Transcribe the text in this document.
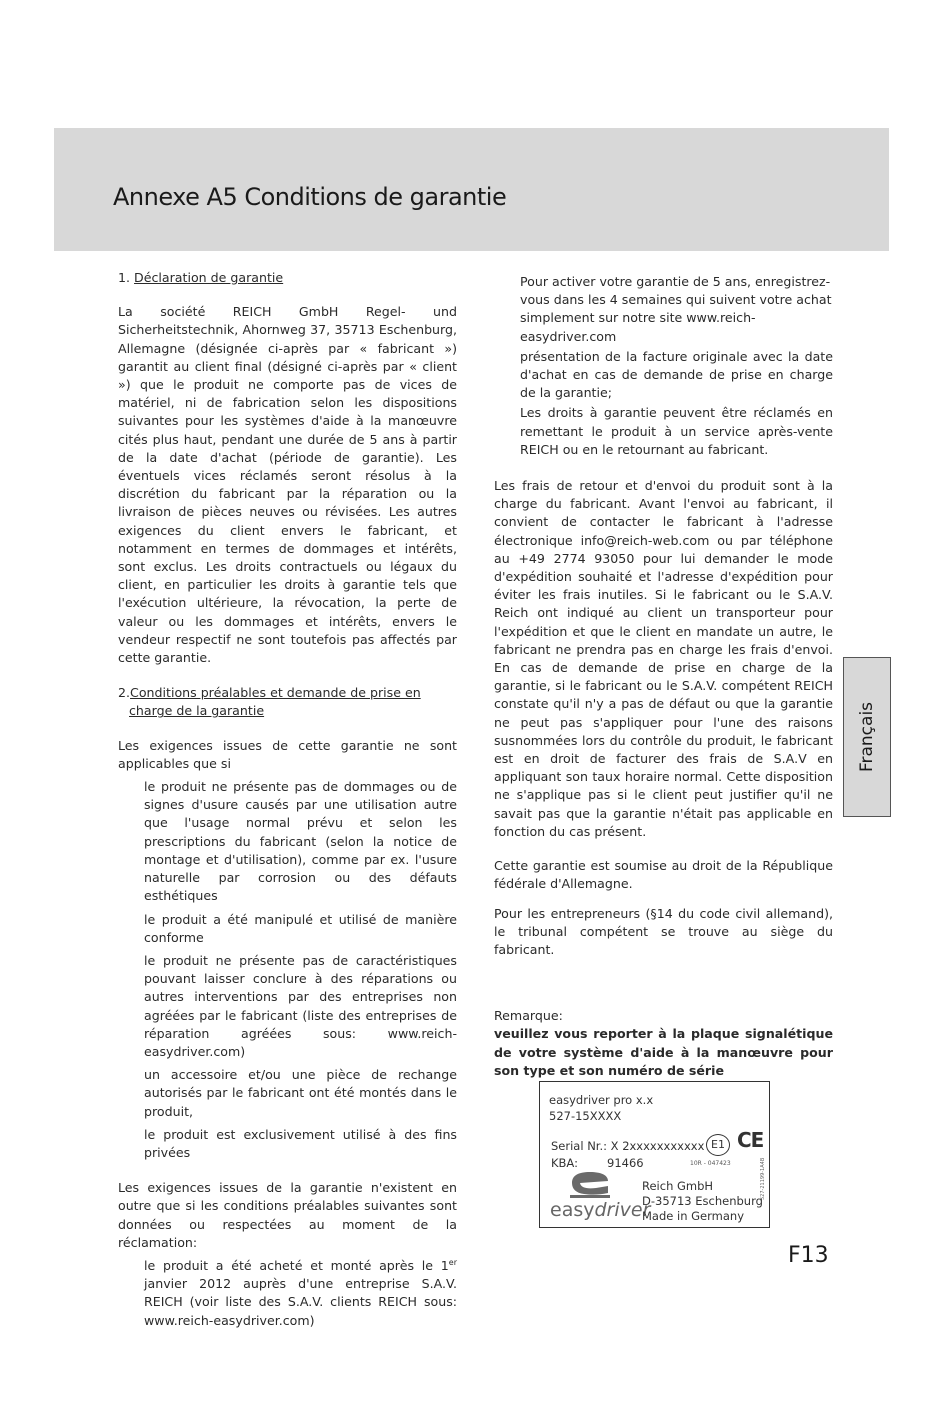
Annexe A5 Conditions de garantie

1. Déclaration de garantie

La société REICH GmbH Regel- und Sicherheitstechnik, Ahornweg 37, 35713 Eschenburg, Allemagne (désignée ci-après par « fabricant ») garantit au client final (désigné ci-après par « client ») que le produit ne comporte pas de vices de matériel, ni de fabrication selon les dispositions suivantes pour les systèmes d'aide à la manœuvre cités plus haut, pendant une durée de 5 ans à partir de la date d'achat (période de garantie). Les éventuels vices réclamés seront résolus à la discrétion du fabricant par la réparation ou la livraison de pièces neuves ou révisées. Les autres exigences du client envers le fabricant, et notamment en termes de dommages et intérêts, sont exclus. Les droits contractuels ou légaux du client, en particulier les droits à garantie tels que l'exécution ultérieure, la révocation, la perte de valeur ou les dommages et intérêts, envers le vendeur respectif ne sont toutefois pas affectés par cette garantie.

2.Conditions préalables et demande de prise en charge de la garantie

Les exigences issues de cette garantie ne sont applicables que si

le produit ne présente pas de dommages ou de signes d'usure causés par une utilisation autre que l'usage normal prévu et selon les prescriptions du fabricant (selon la notice de montage et d'utilisation), comme par ex. l'usure naturelle par corrosion ou des défauts esthétiques

le produit a été manipulé et utilisé de manière conforme

le produit ne présente pas de caractéristiques pouvant laisser conclure à des réparations ou autres interventions par des entreprises non agréées par le fabricant (liste des entreprises de réparation agréées sous: www.reich-easydriver.com)

un accessoire et/ou une pièce de rechange autorisés par le fabricant ont été montés dans le produit,

le produit est exclusivement utilisé à des fins privées

Les exigences issues de la garantie n'existent en outre que si les conditions préalables suivantes sont données ou respectées au moment de la réclamation:

le produit a été acheté et monté après le 1er janvier 2012 auprès d'une entreprise S.A.V. REICH (voir liste des S.A.V. clients REICH sous: www.reich-easydriver.com)

Pour activer votre garantie de 5 ans, enregistrez-vous dans les 4 semaines qui suivent votre achat simplement sur notre site www.reich-easydriver.com

présentation de la facture originale avec la date d'achat en cas de demande de prise en charge de la garantie;

Les droits à garantie peuvent être réclamés en remettant le produit à un service après-vente REICH ou en le retournant au fabricant.

Les frais de retour et d'envoi du produit sont à la charge du fabricant. Avant l'envoi au fabricant, il convient de contacter le fabricant à l'adresse électronique info@reich-web.com ou par téléphone au +49 2774 93050 pour lui demander le mode d'expédition souhaité et l'adresse d'expédition pour éviter les frais inutiles. Si le fabricant ou le S.A.V. Reich ont indiqué au client un transporteur pour l'expédition et que le client en mandate un autre, le fabricant ne prendra pas en charge les frais d'envoi. En cas de demande de prise en charge de la garantie, si le fabricant ou le S.A.V. compétent REICH constate qu'il n'y a pas de défaut ou que la garantie ne peut pas s'appliquer pour l'une des raisons susnommées lors du contrôle du produit, le fabricant est en droit de facturer des frais de S.A.V en appliquant son taux horaire normal. Cette disposition ne s'applique pas si le client peut justifier qu'il ne savait pas que la garantie n'était pas applicable en fonction du cas présent.

Cette garantie est soumise au droit de la République fédérale d'Allemagne.

Pour les entrepreneurs (§14 du code civil allemand), le tribunal compétent se trouve au siège du fabricant.

Remarque:

veuillez vous reporter à la plaque signalétique de votre système d'aide à la manœuvre pour son type et son numéro de série

Français
easydriver pro x.x
527-15XXXX
Serial Nr.: X 2xxxxxxxxxxx E1 CE
KBA:	91466	10R - 047423
easydriver
Reich GmbH
D-35713 Eschenburg
Made in Germany
527-21199-1A4B
F13
